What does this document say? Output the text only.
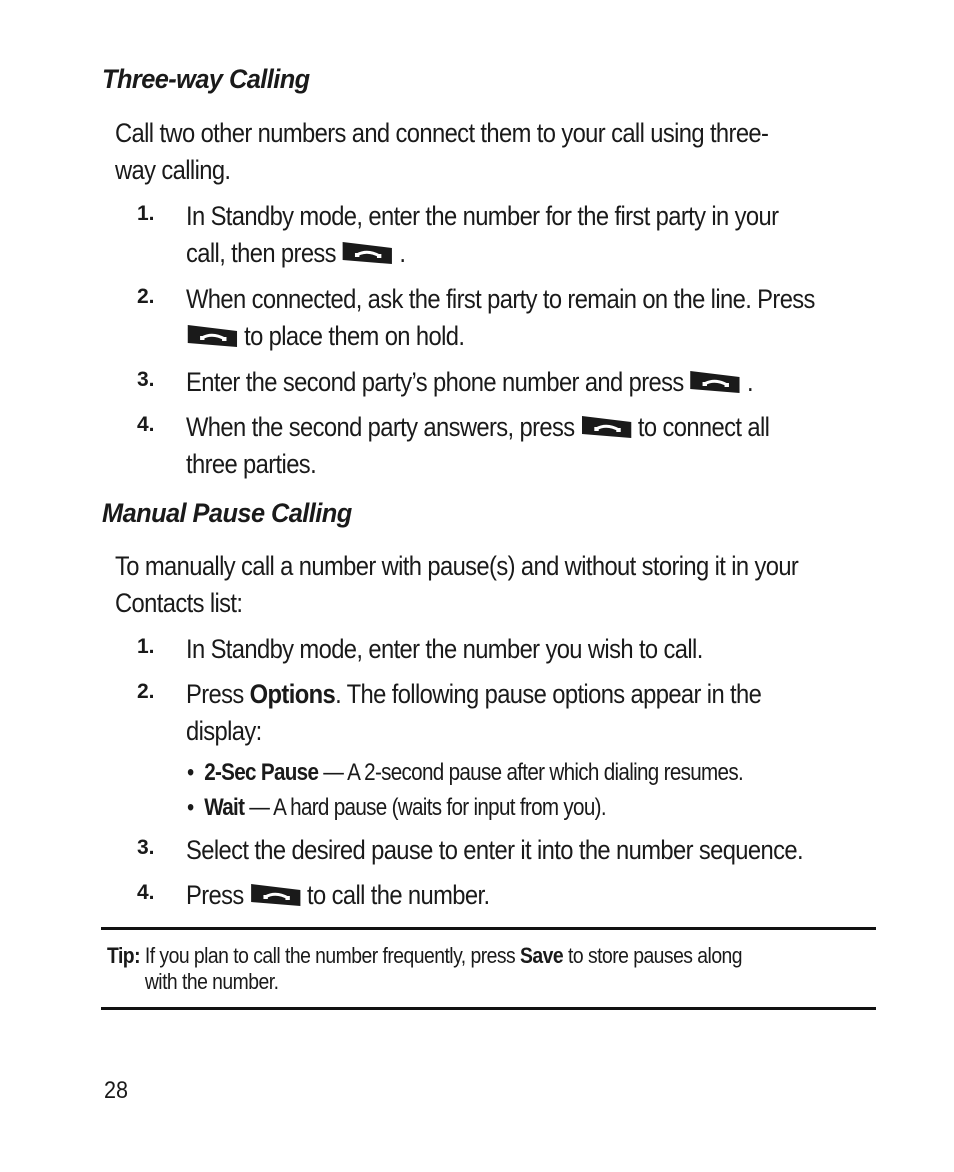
Three-way Calling
Call two other numbers and connect them to your call using three-
way calling.
1. In Standby mode, enter the number for the first party in your
call, then press .
2. When connected, ask the first party to remain on the line. Press

to place them on hold.
3. Enter the second party’s phone number and press .
4. When the second party answers, press to connect all
three parties.
Manual Pause Calling
To manually call a number with pause(s) and without storing it in your
Contacts list:
1. In Standby mode, enter the number you wish to call.
2. Press Options. The following pause options appear in the
display:
• 2-Sec Pause — A 2-second pause after which dialing resumes.
• Wait — A hard pause (waits for input from you).
3. Select the desired pause to enter it into the number sequence.
4. Press to call the number.
Tip: If you plan to call the number frequently, press Save to store pauses along
with the number.
28
